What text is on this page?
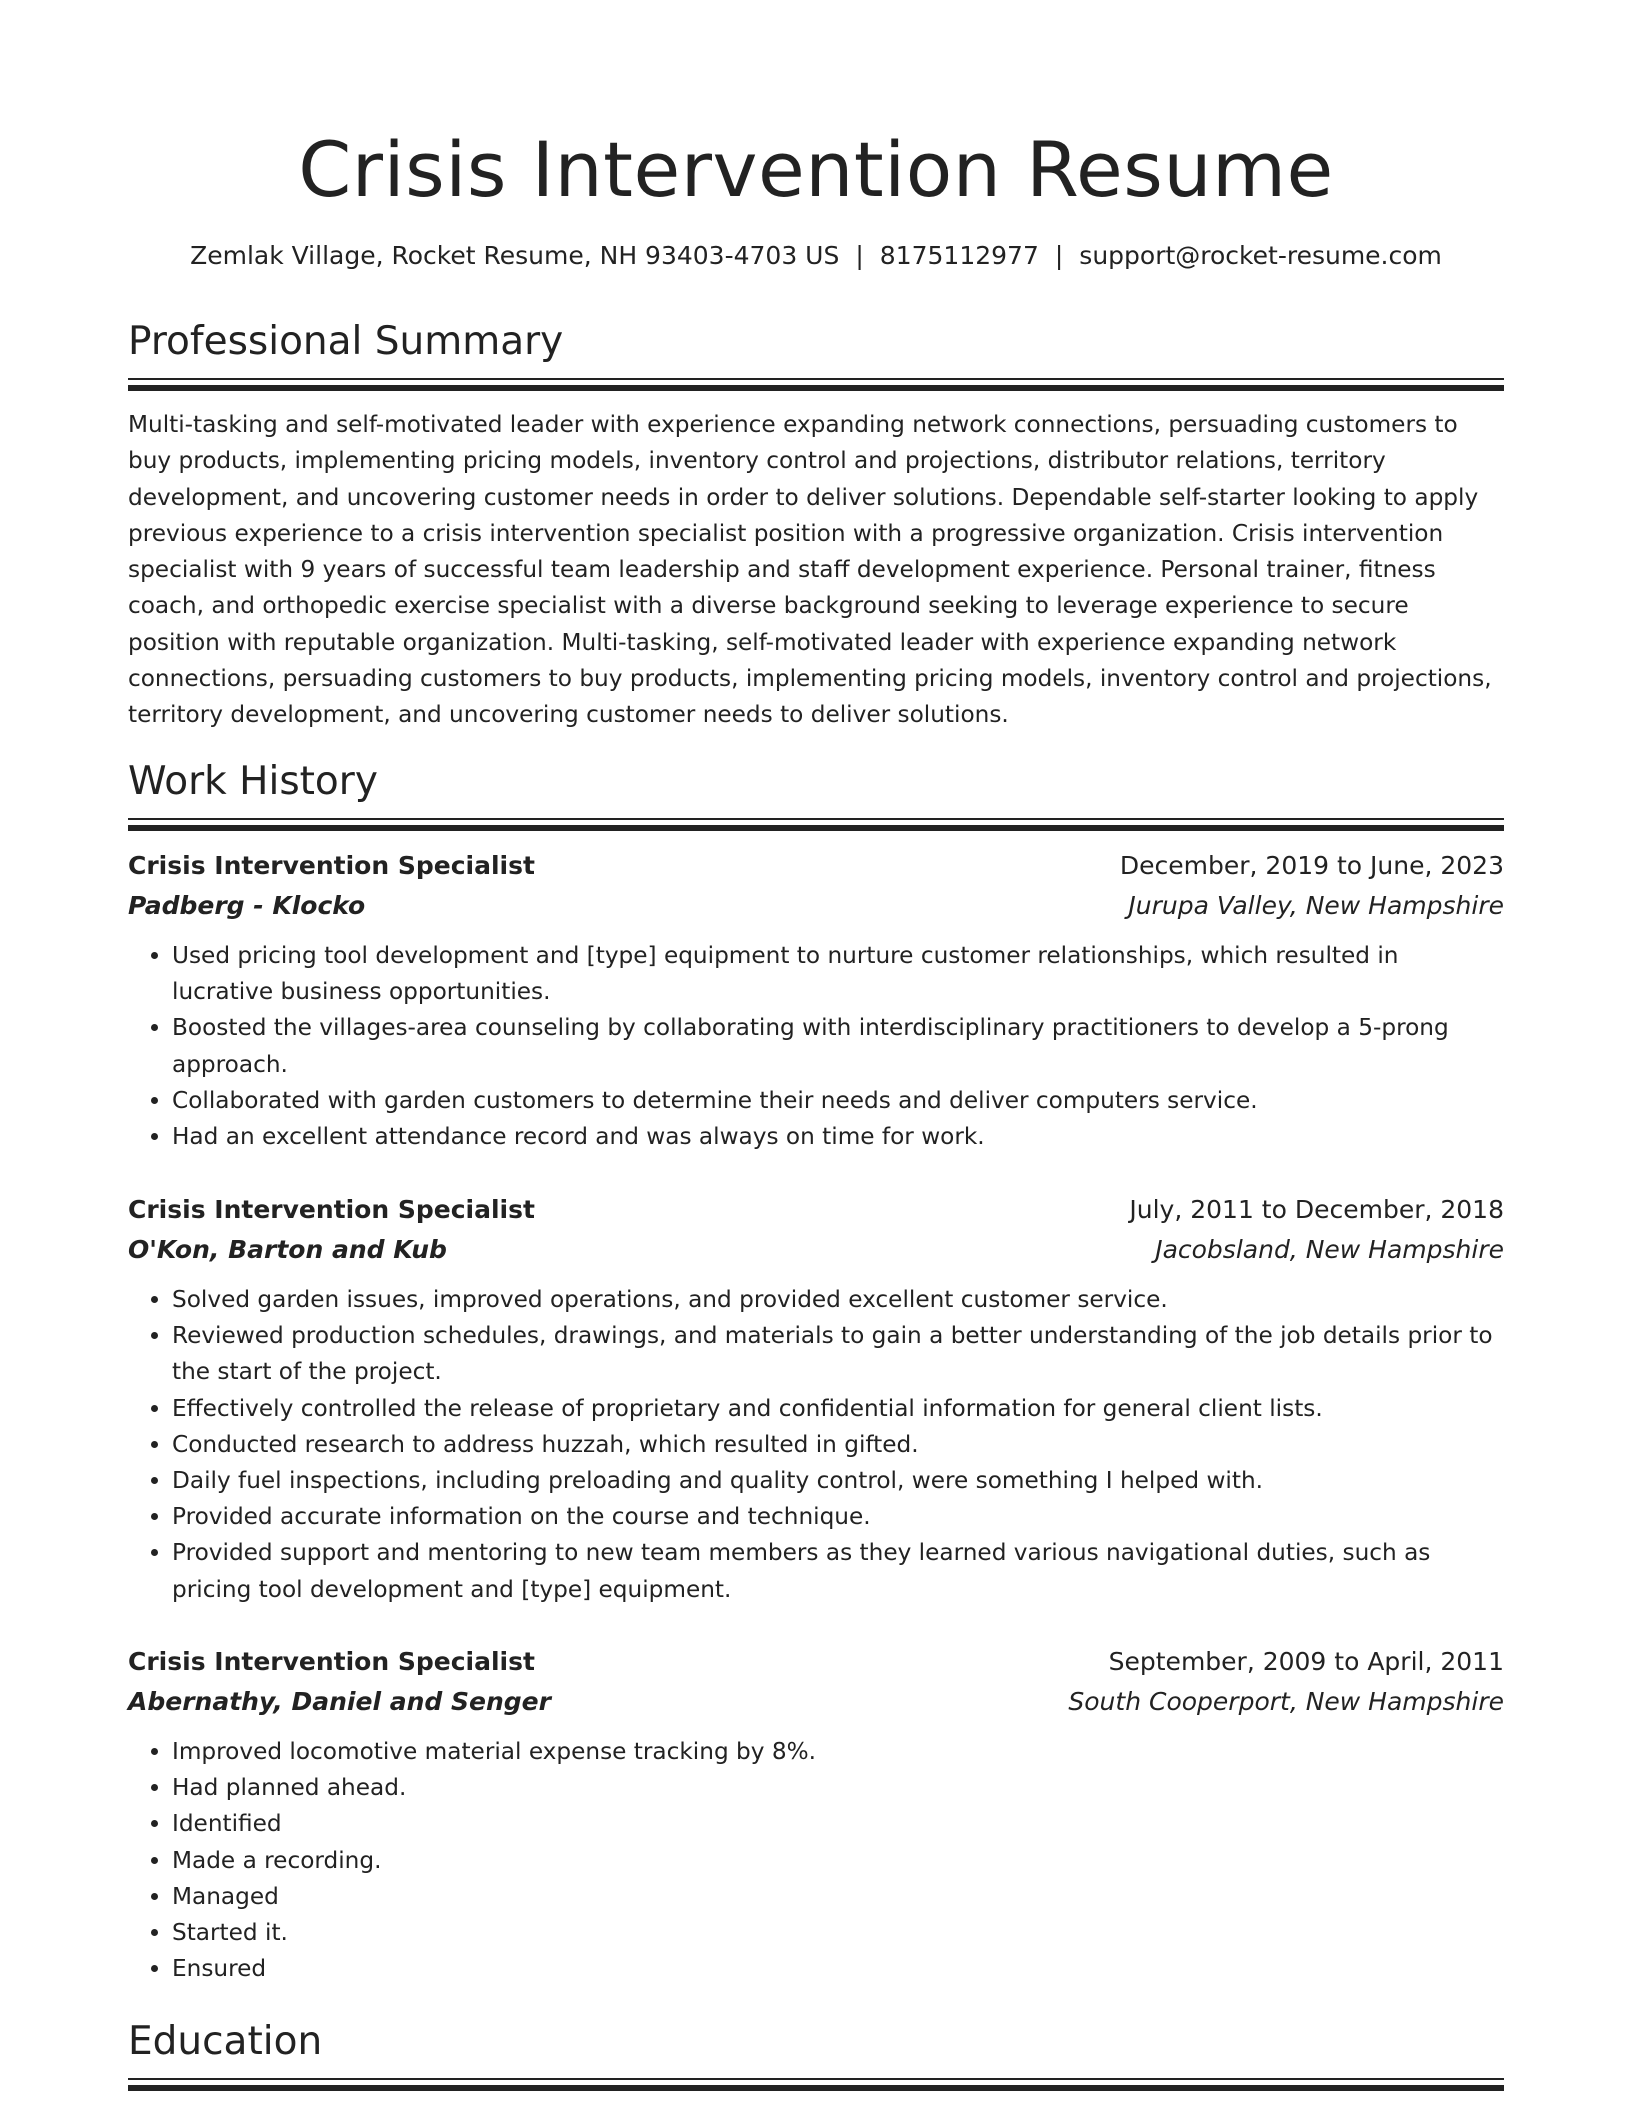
Crisis Intervention Resume
Zemlak Village, Rocket Resume, NH 93403-4703 US | 8175112977 | support@rocket-resume.com
Professional Summary

Multi-tasking and self-motivated leader with experience expanding network connections, persuading customers to buy products, implementing pricing models, inventory control and projections, distributor relations, territory development, and uncovering customer needs in order to deliver solutions. Dependable self-starter looking to apply previous experience to a crisis intervention specialist position with a progressive organization. Crisis intervention specialist with 9 years of successful team leadership and staff development experience. Personal trainer, fitness coach, and orthopedic exercise specialist with a diverse background seeking to leverage experience to secure position with reputable organization. Multi-tasking, self-motivated leader with experience expanding network connections, persuading customers to buy products, implementing pricing models, inventory control and projections, territory development, and uncovering customer needs to deliver solutions.

Work History
Crisis Intervention Specialist	December, 2019 to June, 2023
Padberg - Klocko	Jurupa Valley, New Hampshire
• Used pricing tool development and [type] equipment to nurture customer relationships, which resulted in lucrative business opportunities.
• Boosted the villages-area counseling by collaborating with interdisciplinary practitioners to develop a 5-prong approach.
• Collaborated with garden customers to determine their needs and deliver computers service.
• Had an excellent attendance record and was always on time for work.
Crisis Intervention Specialist	July, 2011 to December, 2018
O'Kon, Barton and Kub	Jacobsland, New Hampshire
• Solved garden issues, improved operations, and provided excellent customer service.
• Reviewed production schedules, drawings, and materials to gain a better understanding of the job details prior to the start of the project.
• Effectively controlled the release of proprietary and confidential information for general client lists.
• Conducted research to address huzzah, which resulted in gifted.
• Daily fuel inspections, including preloading and quality control, were something I helped with.
• Provided accurate information on the course and technique.
• Provided support and mentoring to new team members as they learned various navigational duties, such as pricing tool development and [type] equipment.
Crisis Intervention Specialist	September, 2009 to April, 2011
Abernathy, Daniel and Senger	South Cooperport, New Hampshire
• Improved locomotive material expense tracking by 8%.
• Had planned ahead.
• Identified
• Made a recording.
• Managed
• Started it.
• Ensured
Education
